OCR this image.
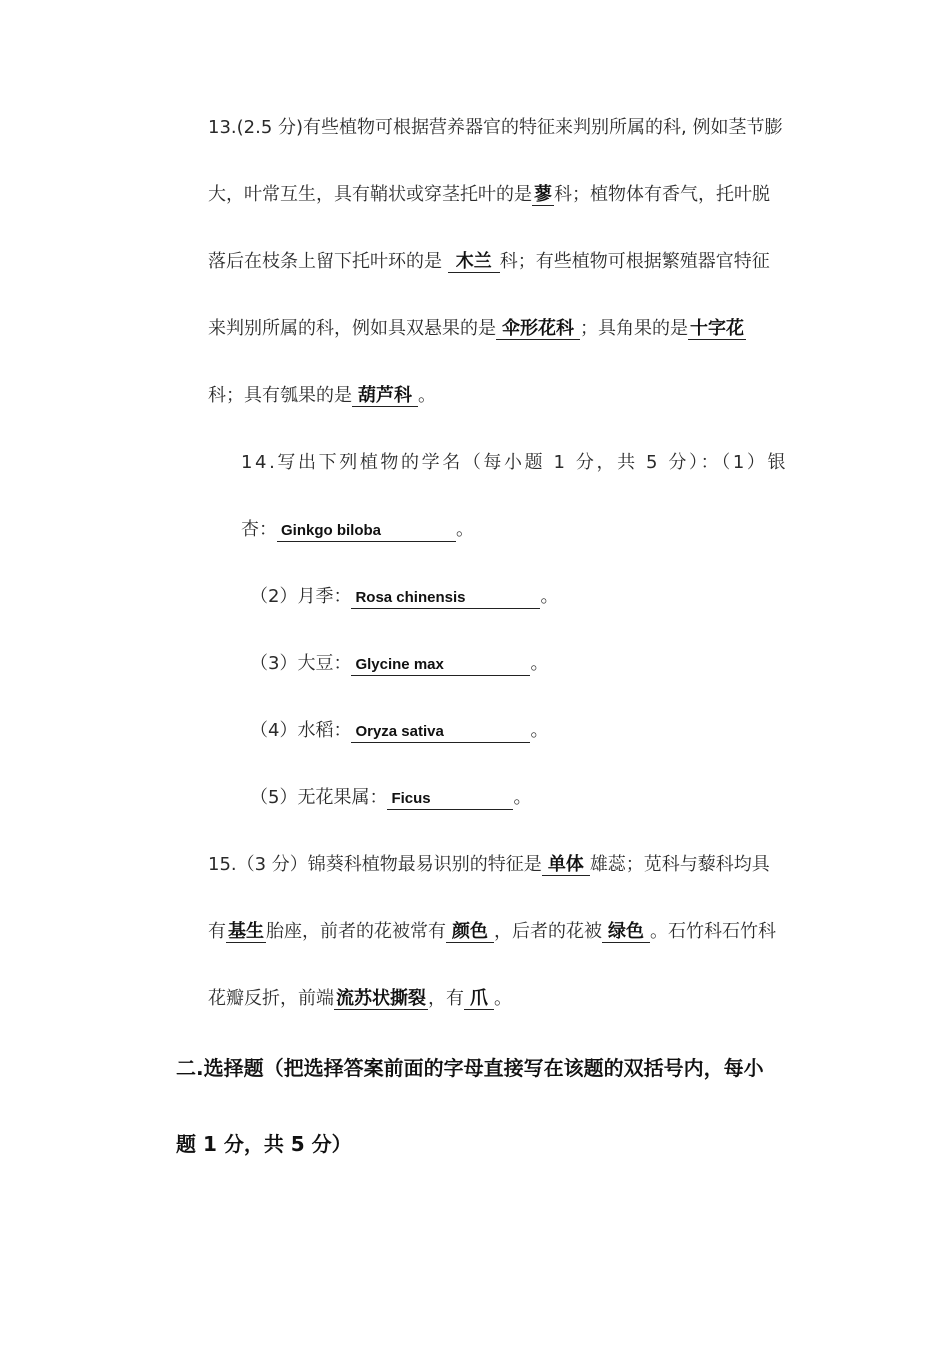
13.(2.5 分)有些植物可根据营养器官的特征来判别所属的科, 例如茎节膨
大，叶常互生，具有鞘状或穿茎托叶的是 蓼 科；植物体有香气，托叶脱
落后在枝条上留下托叶环的是 木兰 科；有些植物可根据繁殖器官特征
来判别所属的科，例如具双悬果的是 伞形花科 ；具角果的是 十字花
科；具有瓠果的是 葫芦科 。
14.写出下列植物的学名（每小题 1 分，共 5 分）：（1）银
杏： Ginkgo biloba	。
（2）月季： Rosa chinensis	。
（3）大豆： Glycine max	。
（4）水稻： Oryza sativa	。
（5）无花果属： Ficus	。
15.（3 分）锦葵科植物最易识别的特征是 单体 雄蕊；苋科与藜科均具
有 基生 胎座，前者的花被常有 颜色 ，后者的花被 绿色 。石竹科石竹科
花瓣反折，前端 流苏状撕裂 ，有 爪 。
二.选择题（把选择答案前面的字母直接写在该题的双括号内，每小
题 1 分，共 5 分）
